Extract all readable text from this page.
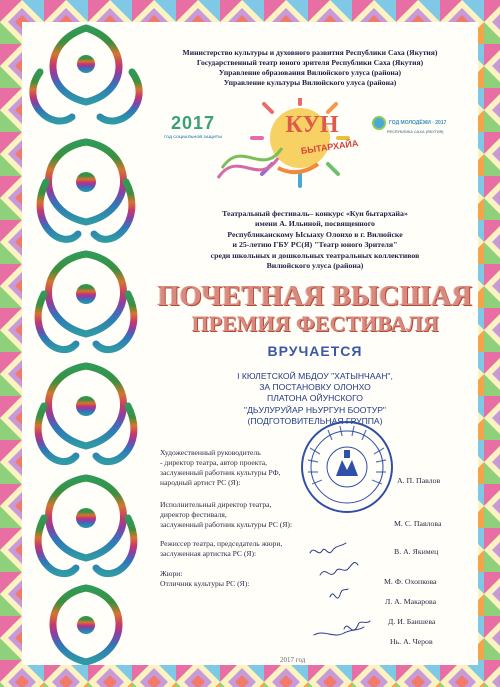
Министерство культуры и духовного развития Республики Саха (Якутия)
Государственный театр юного зрителя Республики Саха (Якутия)
Управление образования Вилюйского улуса (района)
Управление культуры Вилюйского улуса (района)
2017
ГОД СОЦИАЛЬНОЙ ЗАЩИТЫ	КУН
БЫТАРХАЙА
ГОД МОЛОДЁЖИ · 2017
РЕСПУБЛИКА САХА (ЯКУТИЯ)
Театральный фестиваль– конкурс «Куи бытархайа»
имени А. Ильиной, посвященного
Республиканскому Ысыаху Олонхо в г. Вилюйске
и 25-летию ГБУ РС(Я) "Театр юного Зрителя"
среди школьных и дошкольных театральных коллективов
Вилюйского улуса (района)
ПОЧЕТНАЯ ВЫСШАЯ
ПРЕМИЯ ФЕСТИВАЛЯ
ВРУЧАЕТСЯ
I КЮЛЕТСКОЙ МБДОУ "ХАТЫНЧААН",
ЗА ПОСТАНОВКУ ОЛОНХО
ПЛАТОНА ОЙУНСКОГО
"ДЬУЛУРУЙАР НЬУРГУН БООТУР"
(ПОДГОТОВИТЕЛЬНАЯ ГРУППА)
Художественный руководитель
- директор театра, автор проекта,
заслуженный работник культуры РФ,
народный артист РС (Я):	А. П. Павлов
Исполнительный директор театра,
директор фестиваля,
заслуженный работник культуры РС (Я):	М. С. Павлова
Режиссер театра, председатель жюри,
заслуженная артистка РС (Я):	В. А. Якимец
Жюри:
Отличник культуры РС (Я):	М. Ф. Охопкова
Л. А. Макарова
Д. И. Баишева
Нь. А. Черов
2017 год
